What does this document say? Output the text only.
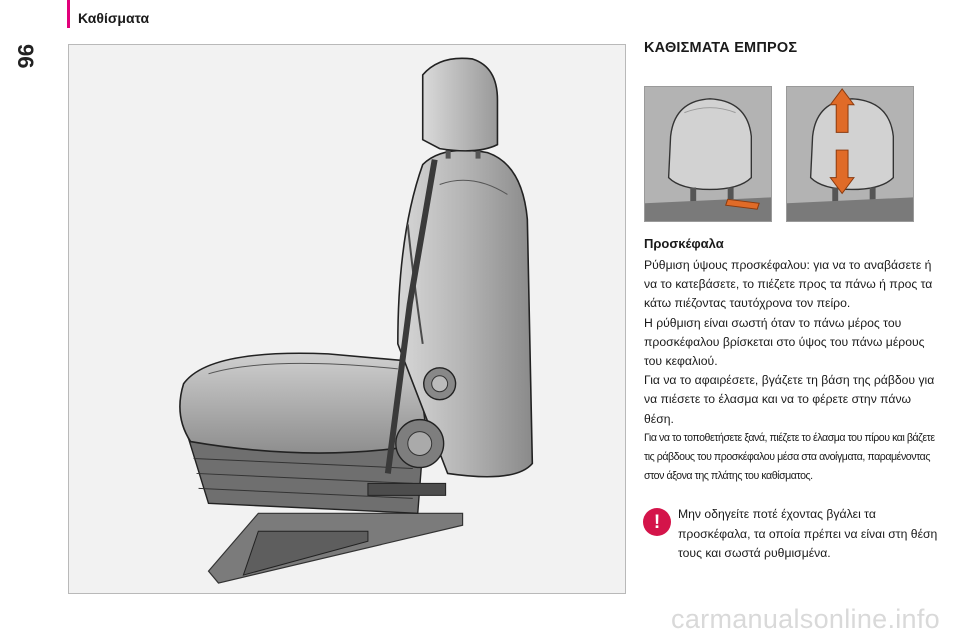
Καθίσματα
96	ΚΑΘΙΣΜΑΤΑ ΕΜΠΡΟΣ
Προσκέφαλα

Ρύθμιση ύψους προσκέφαλου: για να το αναβάσετε ή να το κατεβάσετε, το πιέζετε προς τα πάνω ή προς τα κάτω πιέζοντας ταυτόχρονα τον πείρο.

Η ρύθμιση είναι σωστή όταν το πάνω μέρος του προσκέφαλου βρίσκεται στο ύψος του πάνω μέρους του κεφαλιού.

Για να το αφαιρέσετε, βγάζετε τη βάση της ράβδου για να πιέσετε το έλασμα και να το φέρετε στην πάνω θέση.

Για να το τοποθετήσετε ξανά, πιέζετε το έλασμα του πίρου και βάζετε τις ράβδους του προσκέφαλου μέσα στα ανοίγματα, παραμένοντας στον άξονα της πλάτης του καθίσματος.

!	Μην οδηγείτε ποτέ έχοντας βγάλει τα προσκέφαλα, τα οποία πρέπει να είναι στη θέση τους και σωστά ρυθμισμένα.
carmanualsonline.info
